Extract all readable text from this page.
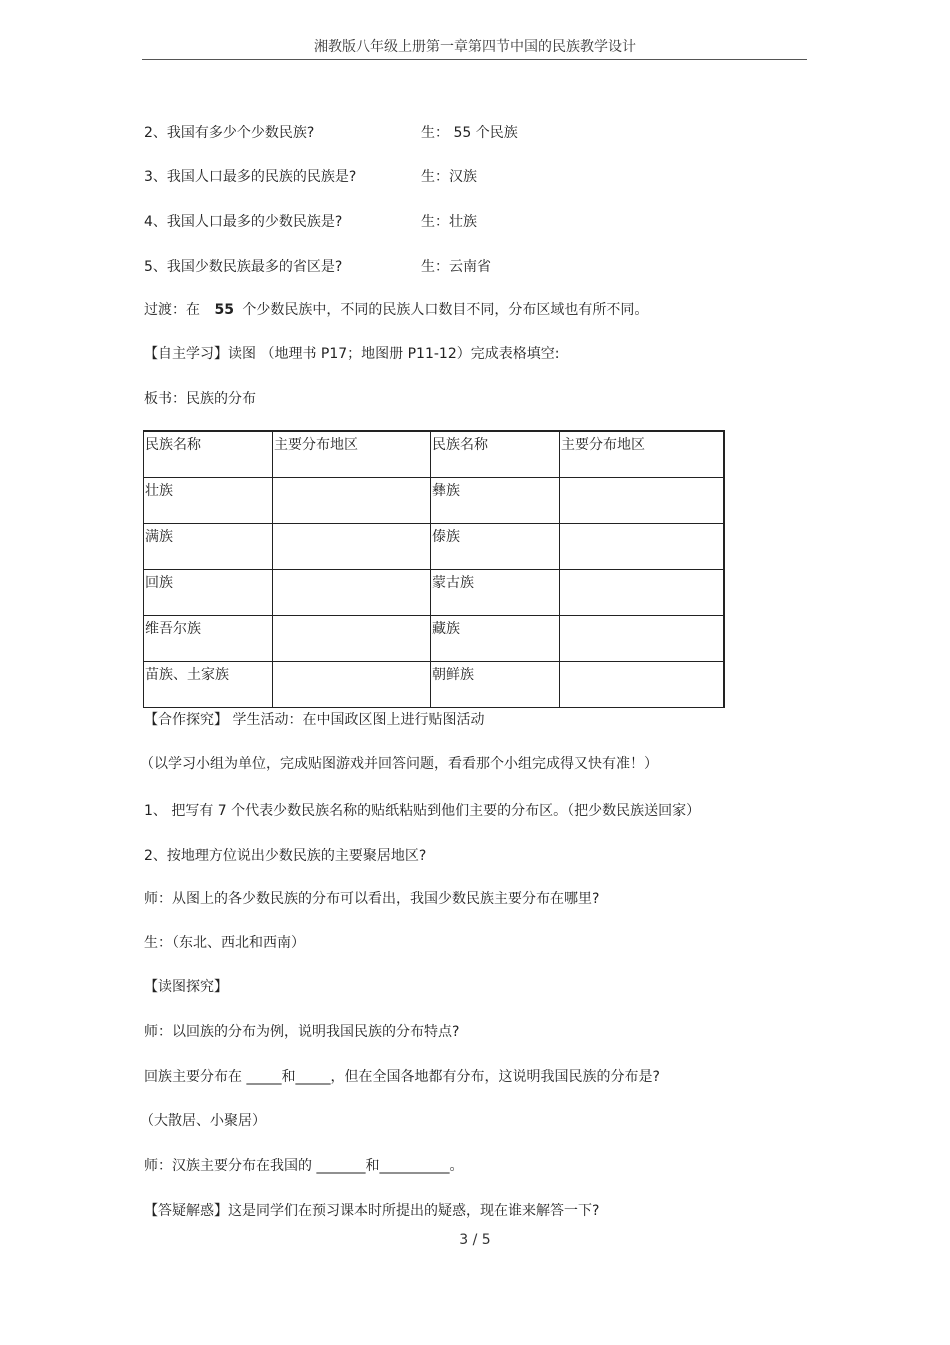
湘教版八年级上册第一章第四节中国的民族教学设计
2、我国有多少个少数民族?	生： 55 个民族
3、我国人口最多的民族的民族是?	生：汉族
4、我国人口最多的少数民族是?	生：壮族
5、我国少数民族最多的省区是?	生：云南省
过渡：在 55 个少数民族中，不同的民族人口数目不同，分布区域也有所不同。
【自主学习】读图 （地理书 P17；地图册 P11-12）完成表格填空:
板书：民族的分布
民族名称	主要分布地区	民族名称	主要分布地区
壮族		彝族	
满族		傣族	
回族		蒙古族	
维吾尔族		藏族	
苗族、土家族		朝鲜族	
【合作探究】 学生活动：在中国政区图上进行贴图活动
（以学习小组为单位，完成贴图游戏并回答问题，看看那个小组完成得又快有准！）
1、 把写有 7 个代表少数民族名称的贴纸粘贴到他们主要的分布区。（把少数民族送回家）
2、按地理方位说出少数民族的主要聚居地区?
师：从图上的各少数民族的分布可以看出，我国少数民族主要分布在哪里?
生：（东北、西北和西南）
【读图探究】
师：以回族的分布为例，说明我国民族的分布特点?
回族主要分布在 _____和_____，但在全国各地都有分布，这说明我国民族的分布是?
（大散居、小聚居）
师：汉族主要分布在我国的 _______和__________。
【答疑解惑】这是同学们在预习课本时所提出的疑惑，现在谁来解答一下?
3 / 5
